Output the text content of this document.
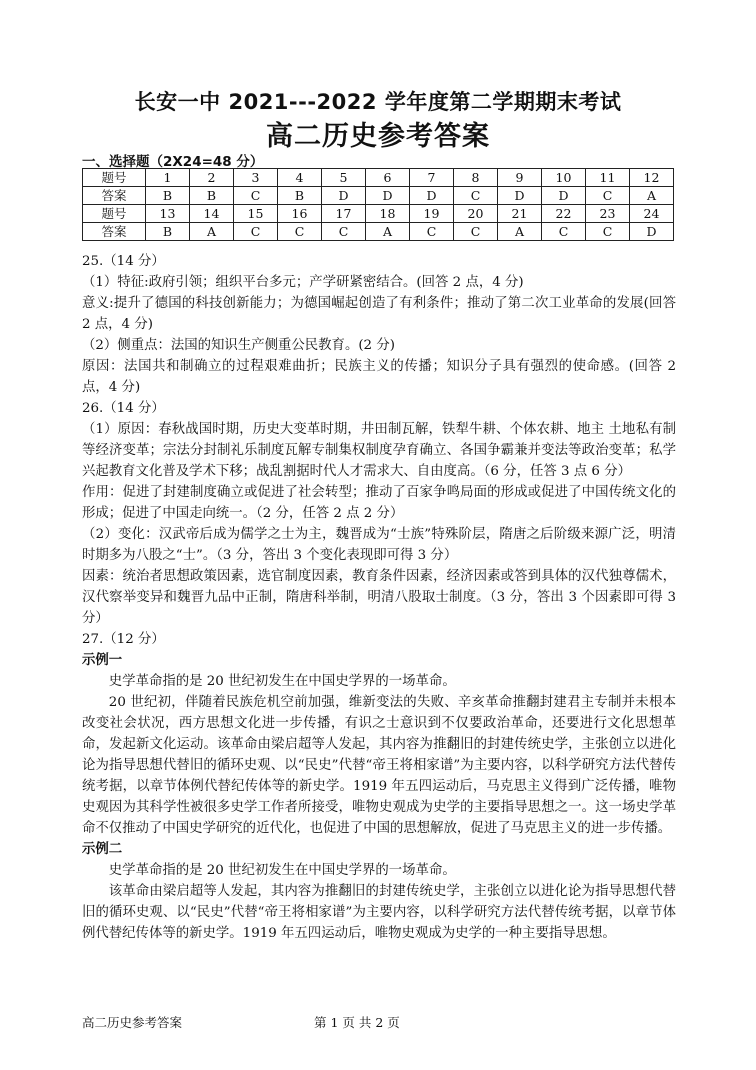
长安一中 2021---2022 学年度第二学期期末考试
高二历史参考答案
一、选择题（2X24=48 分）
题号	1	2	3	4	5	6	7	8	9	10	11	12
答案	B	B	C	B	D	D	D	C	D	D	C	A
题号	13	14	15	16	17	18	19	20	21	22	23	24
答案	B	A	C	C	C	A	C	C	A	C	C	D

25.（14 分）

（1）特征:政府引领；组织平台多元；产学研紧密结合。(回答 2 点，4 分)

意义:提升了德国的科技创新能力；为德国崛起创造了有利条件；推动了第二次工业革命的发展(回答 2 点，4 分)

（2）侧重点：法国的知识生产侧重公民教育。(2 分)

原因：法国共和制确立的过程艰难曲折；民族主义的传播；知识分子具有强烈的使命感。(回答 2 点，4 分)

26.（14 分）

（1）原因：春秋战国时期，历史大变革时期，井田制瓦解，铁犁牛耕、个体农耕、地主 土地私有制等经济变革；宗法分封制礼乐制度瓦解专制集权制度孕育确立、各国争霸兼并变法等政治变革；私学兴起教育文化普及学术下移；战乱割据时代人才需求大、自由度高。（6 分，任答 3 点 6 分）

作用：促进了封建制度确立或促进了社会转型；推动了百家争鸣局面的形成或促进了中国传统文化的形成；促进了中国走向统一。（2 分，任答 2 点 2 分）

（2）变化：汉武帝后成为儒学之士为主，魏晋成为“士族”特殊阶层，隋唐之后阶级来源广泛，明清时期多为八股之“士”。（3 分，答出 3 个变化表现即可得 3 分）

因素：统治者思想政策因素，选官制度因素，教育条件因素，经济因素或答到具体的汉代独尊儒术，汉代察举变异和魏晋九品中正制，隋唐科举制，明清八股取士制度。（3 分，答出 3 个因素即可得 3 分）

27.（12 分）

示例一

史学革命指的是 20 世纪初发生在中国史学界的一场革命。

20 世纪初，伴随着民族危机空前加强，维新变法的失败、辛亥革命推翻封建君主专制并未根本改变社会状况，西方思想文化进一步传播，有识之士意识到不仅要政治革命，还要进行文化思想革命，发起新文化运动。该革命由梁启超等人发起，其内容为推翻旧的封建传统史学，主张创立以进化论为指导思想代替旧的循环史观、以“民史”代替“帝王将相家谱”为主要内容，以科学研究方法代替传统考据，以章节体例代替纪传体等的新史学。1919 年五四运动后，马克思主义得到广泛传播，唯物史观因为其科学性被很多史学工作者所接受，唯物史观成为史学的主要指导思想之一。这一场史学革命不仅推动了中国史学研究的近代化，也促进了中国的思想解放，促进了马克思主义的进一步传播。

示例二

史学革命指的是 20 世纪初发生在中国史学界的一场革命。

该革命由梁启超等人发起，其内容为推翻旧的封建传统史学，主张创立以进化论为指导思想代替旧的循环史观、以“民史”代替“帝王将相家谱”为主要内容，以科学研究方法代替传统考据，以章节体例代替纪传体等的新史学。1919 年五四运动后，唯物史观成为史学的一种主要指导思想。

高二历史参考答案	第 1 页 共 2 页
